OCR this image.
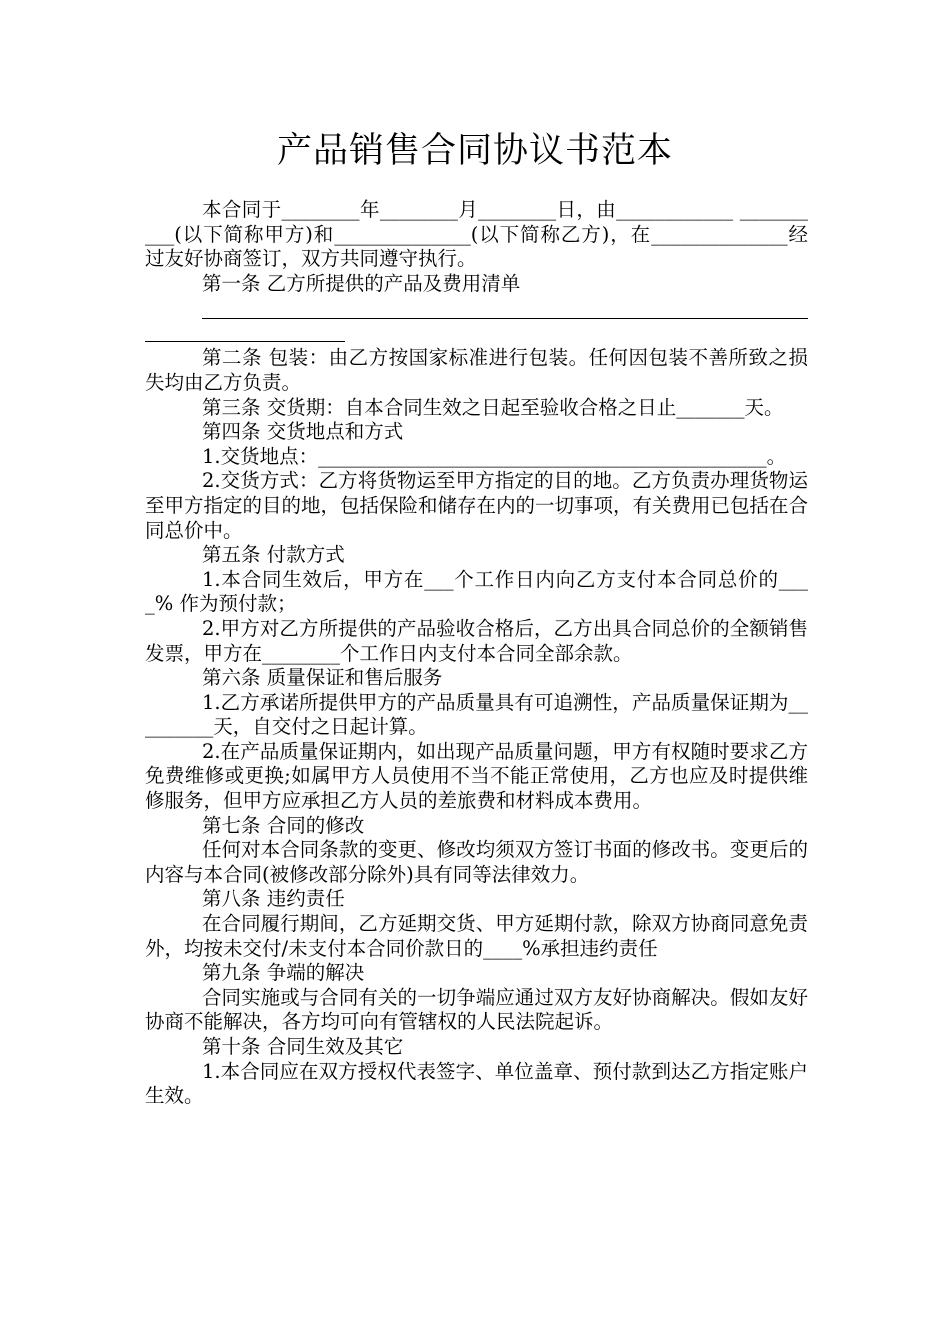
产品销售合同协议书范本

本合同于________年________月________日，由____________ __________(以下简称甲方)和______________(以下简称乙方)，在______________经过友好协商签订，双方共同遵守执行。

第一条 乙方所提供的产品及费用清单

第二条 包装：由乙方按国家标准进行包装。任何因包装不善所致之损失均由乙方负责。

第三条 交货期：自本合同生效之日起至验收合格之日止_______天。

第四条 交货地点和方式

1.交货地点：______________________________________________。

2.交货方式：乙方将货物运至甲方指定的目的地。乙方负责办理货物运至甲方指定的目的地，包括保险和储存在内的一切事项，有关费用已包括在合同总价中。

第五条 付款方式

1.本合同生效后，甲方在___个工作日内向乙方支付本合同总价的____% 作为预付款；

2.甲方对乙方所提供的产品验收合格后，乙方出具合同总价的全额销售发票，甲方在________个工作日内支付本合同全部余款。

第六条 质量保证和售后服务

1.乙方承诺所提供甲方的产品质量具有可追溯性，产品质量保证期为_________天，自交付之日起计算。

2.在产品质量保证期内，如出现产品质量问题，甲方有权随时要求乙方免费维修或更换;如属甲方人员使用不当不能正常使用，乙方也应及时提供维修服务，但甲方应承担乙方人员的差旅费和材料成本费用。

第七条 合同的修改

任何对本合同条款的变更、修改均须双方签订书面的修改书。变更后的内容与本合同(被修改部分除外)具有同等法律效力。

第八条 违约责任

在合同履行期间，乙方延期交货、甲方延期付款，除双方协商同意免责外，均按未交付/未支付本合同价款日的____%承担违约责任

第九条 争端的解决

合同实施或与合同有关的一切争端应通过双方友好协商解决。假如友好协商不能解决，各方均可向有管辖权的人民法院起诉。

第十条 合同生效及其它

1.本合同应在双方授权代表签字、单位盖章、预付款到达乙方指定账户生效。
